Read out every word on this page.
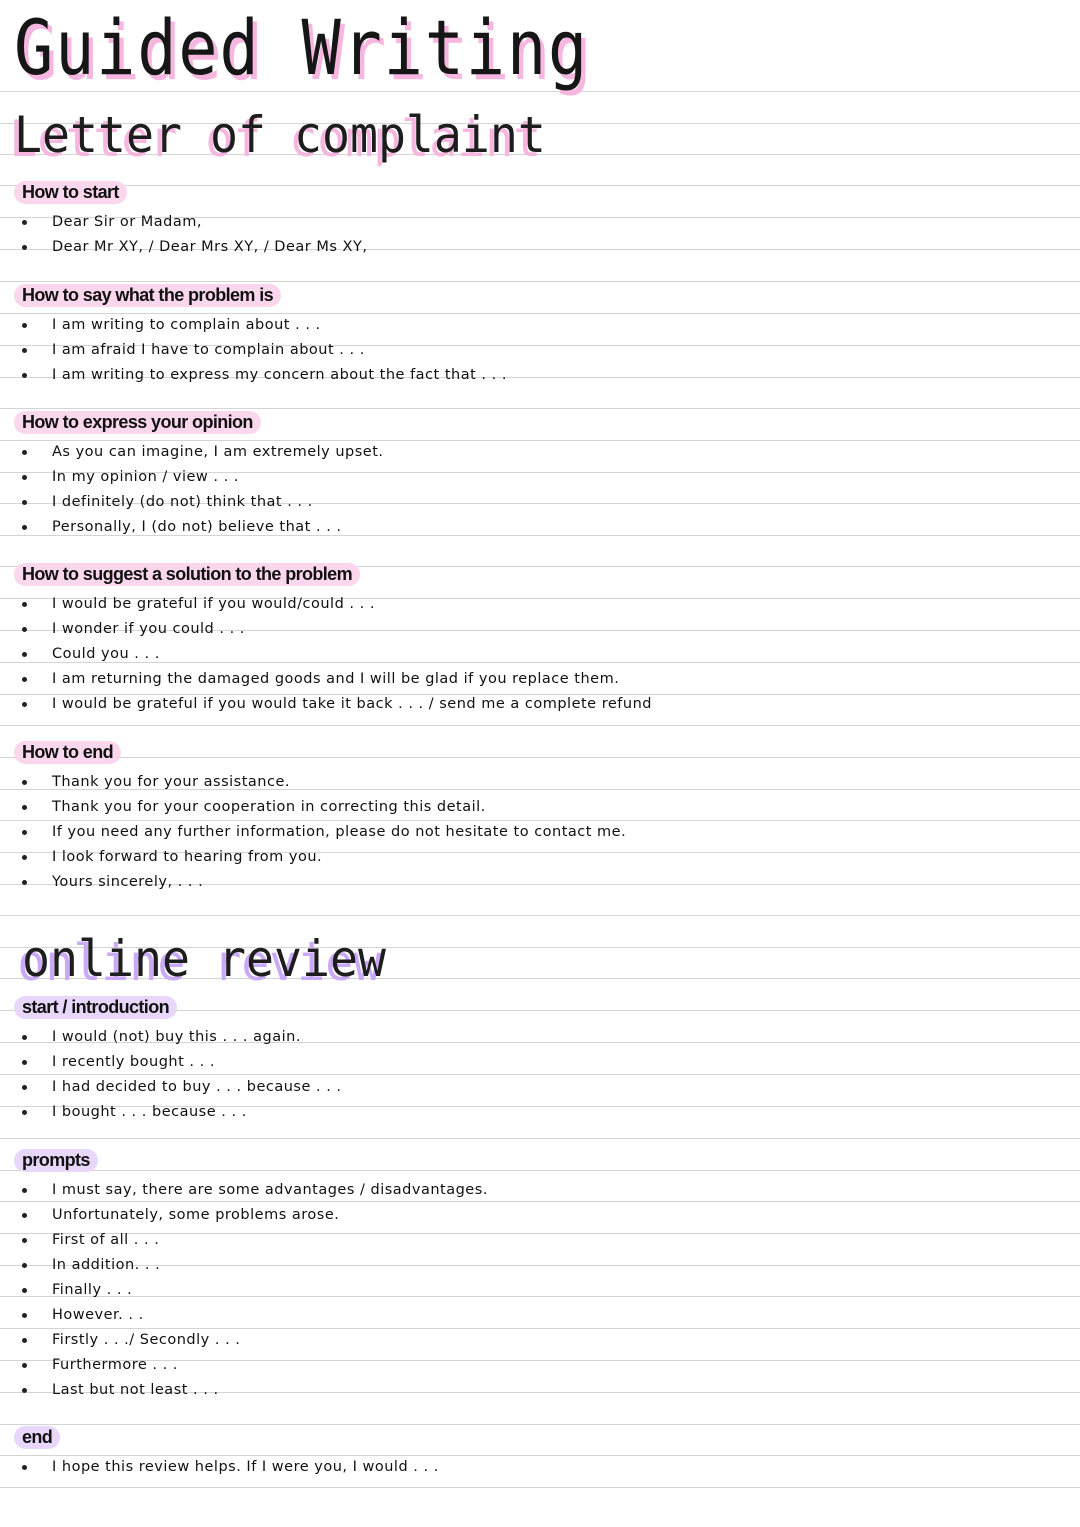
Guided Writing
Letter of complaint
How to start
Dear Sir or Madam,
Dear Mr XY, / Dear Mrs XY, / Dear Ms XY,
How to say what the problem is
I am writing to complain about . . .
I am afraid I have to complain about . . .
I am writing to express my concern about the fact that . . .
How to express your opinion
As you can imagine, I am extremely upset.
In my opinion / view . . .
I definitely (do not) think that . . .
Personally, I (do not) believe that . . .
How to suggest a solution to the problem
I would be grateful if you would/could . . .
I wonder if you could . . .
Could you . . .
I am returning the damaged goods and I will be glad if you replace them.
I would be grateful if you would take it back . . . / send me a complete refund
How to end
Thank you for your assistance.
Thank you for your cooperation in correcting this detail.
If you need any further information, please do not hesitate to contact me.
I look forward to hearing from you.
Yours sincerely, . . .
online review
start / introduction
I would (not) buy this . . . again.
I recently bought . . .
I had decided to buy . . . because . . .
I bought . . . because . . .
prompts
I must say, there are some advantages / disadvantages.
Unfortunately, some problems arose.
First of all . . .
In addition. . .
Finally . . .
However. . .
Firstly . . ./ Secondly . . .
Furthermore . . .
Last but not least . . .
end
I hope this review helps. If I were you, I would . . .
